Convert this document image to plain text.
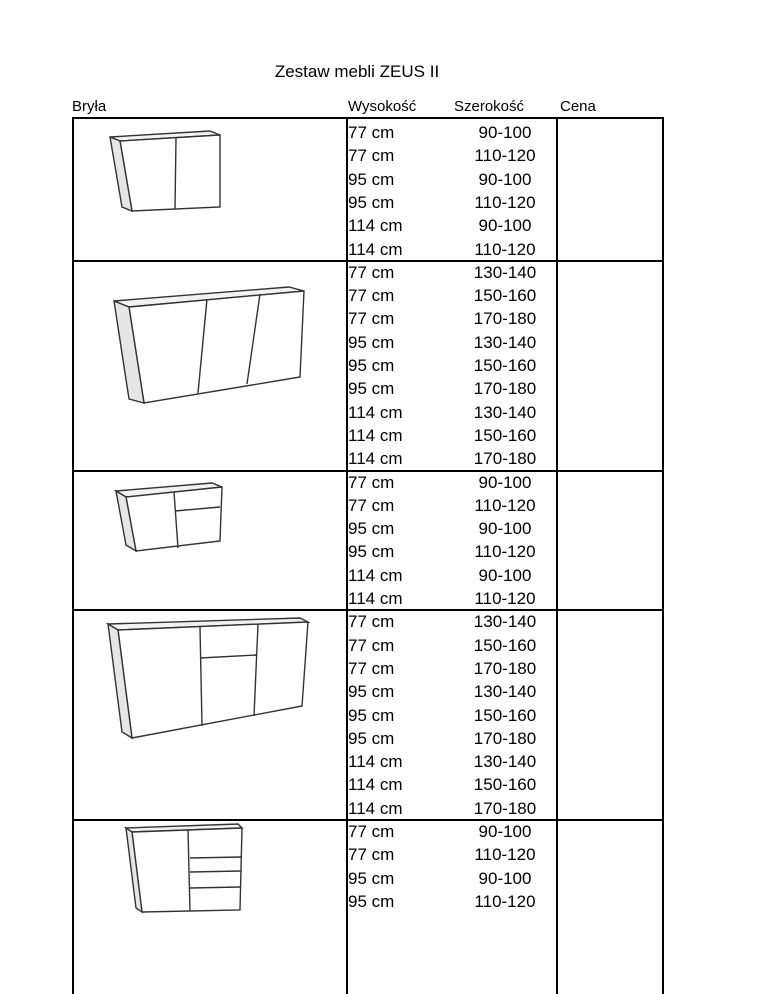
Zestaw mebli ZEUS II
Bryła	Wysokość	Szerokość Cena
77 cm	90-100
77 cm	110-120
95 cm	90-100
95 cm	110-120
114 cm	90-100
114 cm	110-120
77 cm	130-140
77 cm	150-160
77 cm	170-180
95 cm	130-140
95 cm	150-160
95 cm	170-180
114 cm	130-140
114 cm	150-160
114 cm	170-180
77 cm	90-100
77 cm	110-120
95 cm	90-100
95 cm	110-120
114 cm	90-100
114 cm	110-120
77 cm	130-140
77 cm	150-160
77 cm	170-180
95 cm	130-140
95 cm	150-160
95 cm	170-180
114 cm	130-140
114 cm	150-160
114 cm	170-180
77 cm	90-100
77 cm	110-120
95 cm	90-100
95 cm	110-120
